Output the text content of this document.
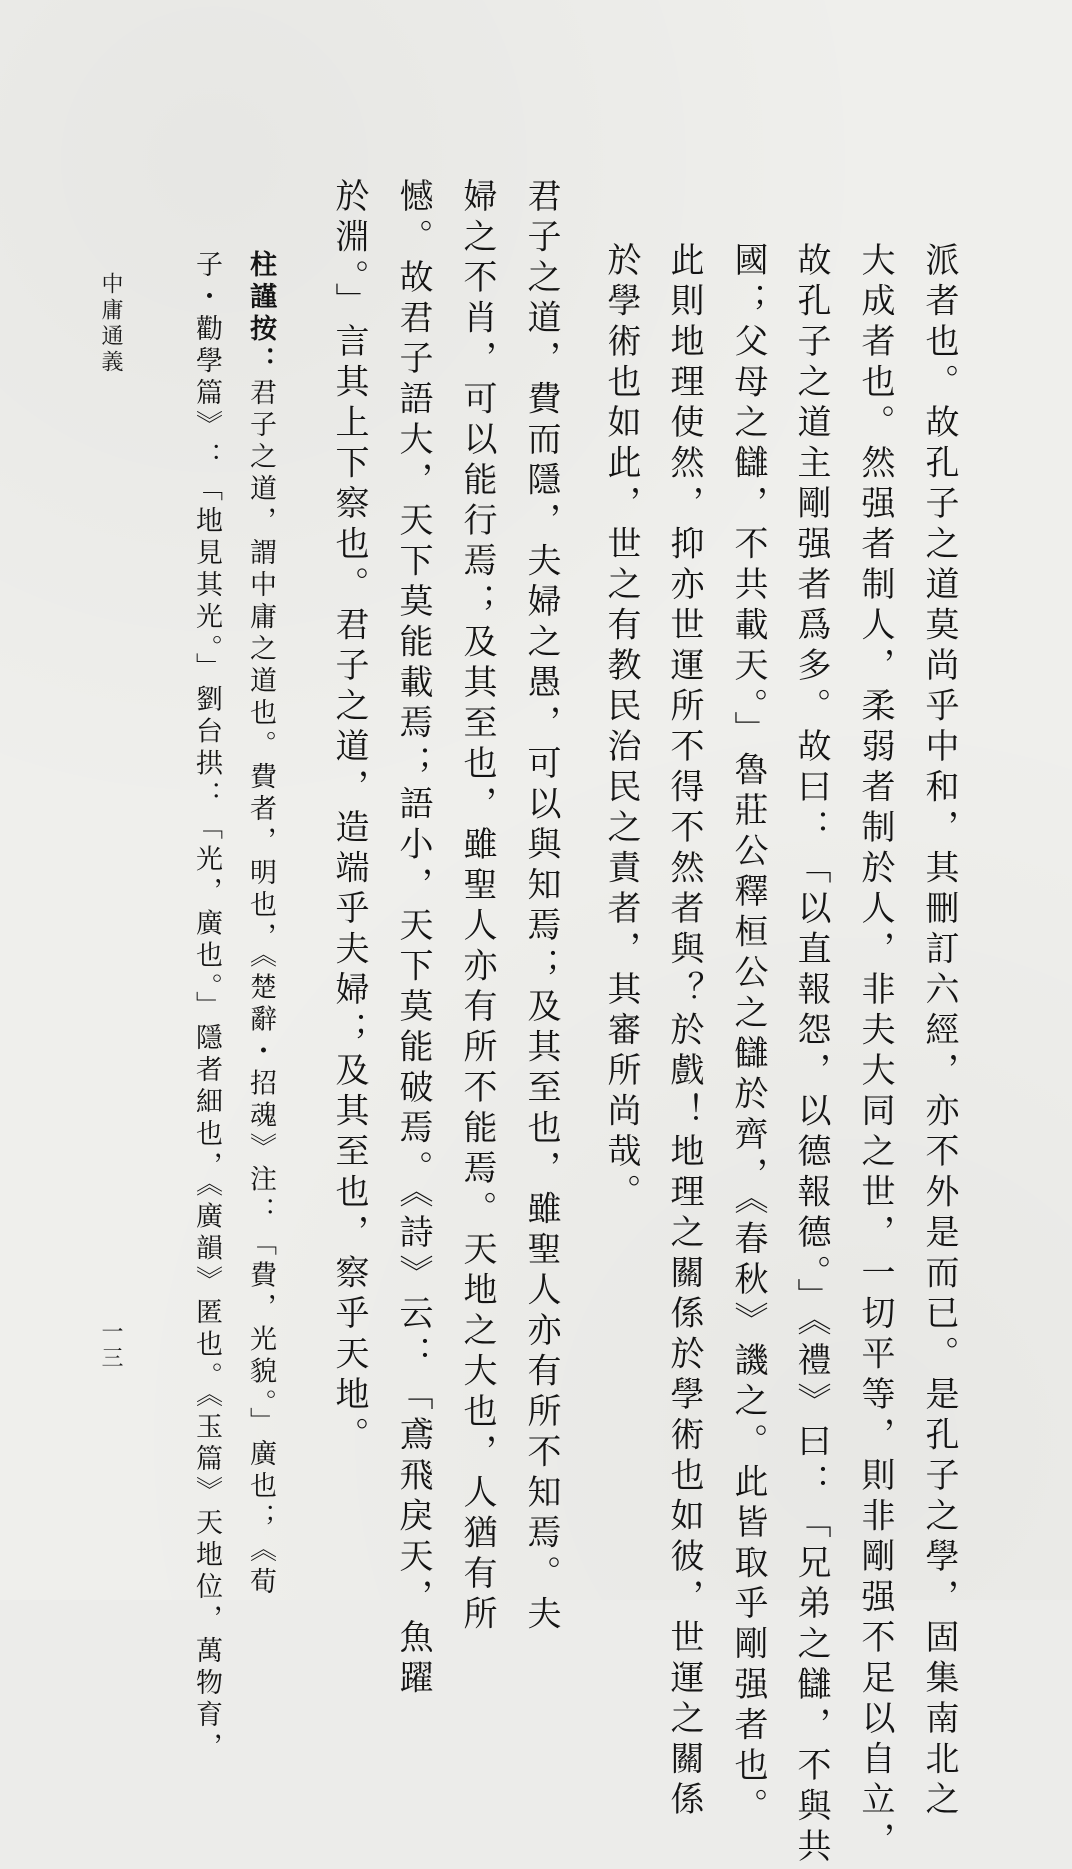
派者也。故孔子之道莫尚乎中和，其刪訂六經，亦不外是而已。是孔子之學，固集南北之
大成者也。然强者制人，柔弱者制於人，非夫大同之世，一切平等，則非剛强不足以自立，
故孔子之道主剛强者爲多。故曰：「以直報怨，以德報德。」《禮》曰：「兄弟之讎，不與共
國；父母之讎，不共載天。」魯莊公釋桓公之讎於齊，《春秋》譏之。此皆取乎剛强者也。
此則地理使然，抑亦世運所不得不然者與？於戲！地理之關係於學術也如彼，世運之關係
於學術也如此，世之有教民治民之責者，其審所尚哉。
君子之道，費而隱，夫婦之愚，可以與知焉；及其至也，雖聖人亦有所不知焉。夫
婦之不肖，可以能行焉；及其至也，雖聖人亦有所不能焉。天地之大也，人猶有所
憾。故君子語大，天下莫能載焉；語小，天下莫能破焉。《詩》云：「鳶飛戾天，魚躍
於淵。」言其上下察也。君子之道，造端乎夫婦；及其至也，察乎天地。
柱謹按：君子之道，謂中庸之道也。費者，明也，《楚辭・招魂》注：「費，光貌。」廣也；《荀
子・勸學篇》：「地見其光。」劉台拱：「光，廣也。」隱者細也，《廣韻》匿也。《玉篇》天地位，萬物育，
中庸通義
一三
